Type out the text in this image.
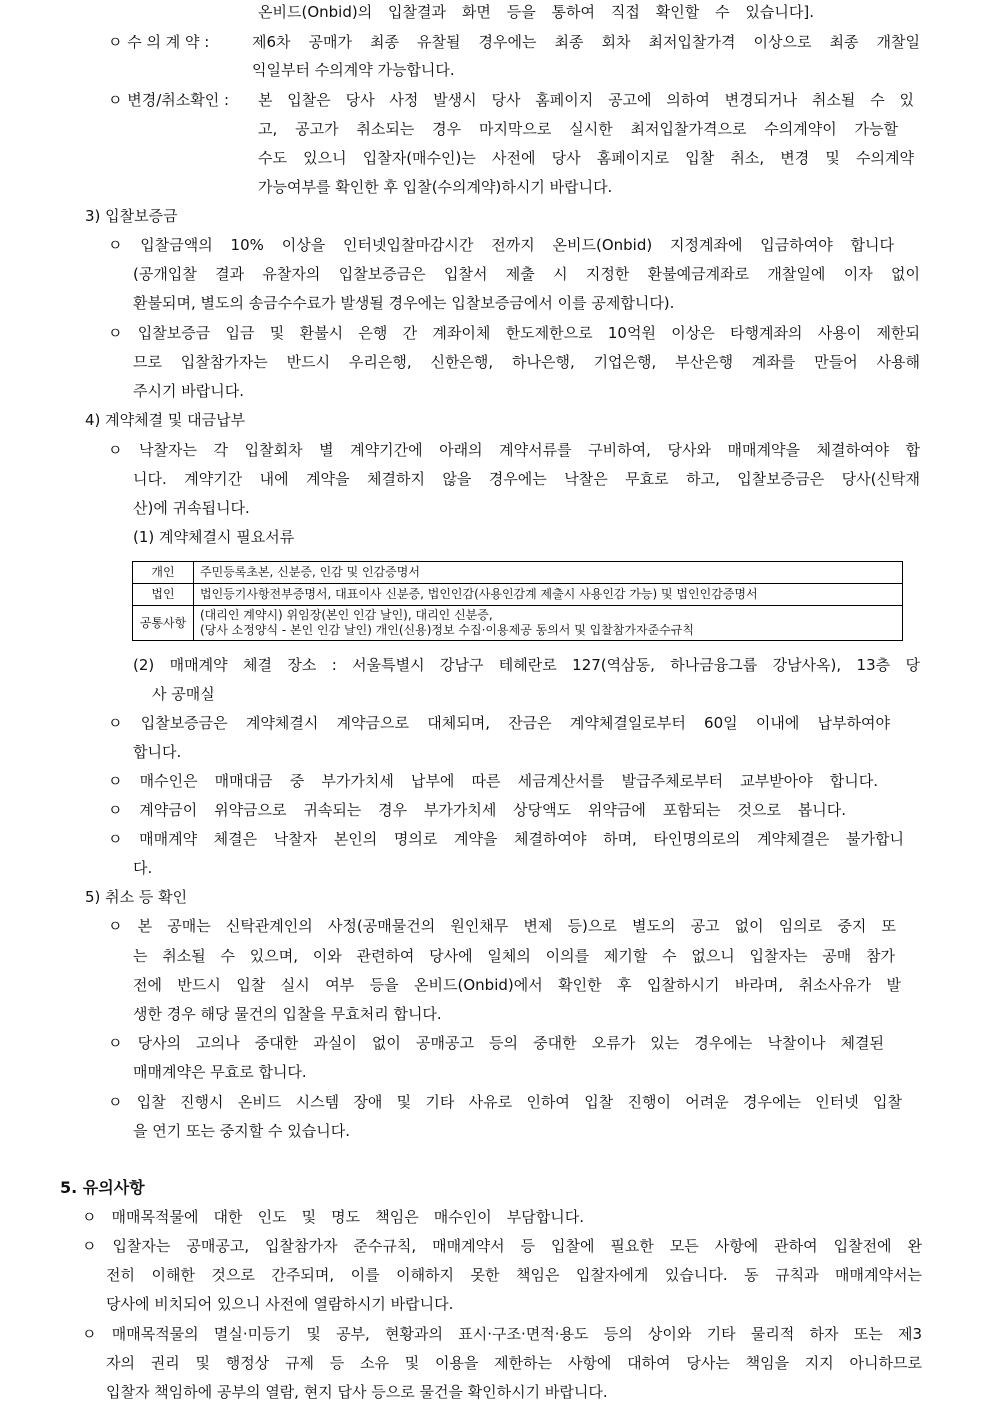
온비드(Onbid)의 입찰결과 화면 등을 통하여 직접 확인할 수 있습니다].
ㅇ 수 의 계 약 :	제6차 공매가 최종 유찰될 경우에는 최종 회차 최저입찰가격 이상으로 최종 개찰일
익일부터 수의계약 가능합니다.
ㅇ 변경/취소확인 : 본 입찰은 당사 사정 발생시 당사 홈페이지 공고에 의하여 변경되거나 취소될 수 있
고, 공고가 취소되는 경우 마지막으로 실시한 최저입찰가격으로 수의계약이 가능할
수도 있으니 입찰자(매수인)는 사전에 당사 홈페이지로 입찰 취소, 변경 및 수의계약
가능여부를 확인한 후 입찰(수의계약)하시기 바랍니다.
3) 입찰보증금
ㅇ 입찰금액의 10% 이상을 인터넷입찰마감시간 전까지 온비드(Onbid) 지정계좌에 입금하여야 합니다
(공개입찰 결과 유찰자의 입찰보증금은 입찰서 제출 시 지정한 환불예금계좌로 개찰일에 이자 없이
환불되며, 별도의 송금수수료가 발생될 경우에는 입찰보증금에서 이를 공제합니다).
ㅇ 입찰보증금 입금 및 환불시 은행 간 계좌이체 한도제한으로 10억원 이상은 타행계좌의 사용이 제한되
므로 입찰참가자는 반드시 우리은행, 신한은행, 하나은행, 기업은행, 부산은행 계좌를 만들어 사용해
주시기 바랍니다.
4) 계약체결 및 대금납부
ㅇ 낙찰자는 각 입찰회차 별 계약기간에 아래의 계약서류를 구비하여, 당사와 매매계약을 체결하여야 합
니다. 계약기간 내에 계약을 체결하지 않을 경우에는 낙찰은 무효로 하고, 입찰보증금은 당사(신탁재
산)에 귀속됩니다.
(1) 계약체결시 필요서류
개인	주민등록초본, 신분증, 인감 및 인감증명서
법인	법인등기사항전부증명서, 대표이사 신분증, 법인인감(사용인감계 제출시 사용인감 가능) 및 법인인감증명서
공통사항	(대리인 계약시) 위임장(본인 인감 날인), 대리인 신분증,
(당사 소정양식 - 본인 인감 날인) 개인(신용)정보 수집·이용제공 동의서 및 입찰참가자준수규칙
(2) 매매계약 체결 장소 : 서울특별시 강남구 테헤란로 127(역삼동, 하나금융그룹 강남사옥), 13층 당
사 공매실
ㅇ 입찰보증금은 계약체결시 계약금으로 대체되며, 잔금은 계약체결일로부터 60일 이내에 납부하여야
합니다.
ㅇ 매수인은 매매대금 중 부가가치세 납부에 따른 세금계산서를 발급주체로부터 교부받아야 합니다.
ㅇ 계약금이 위약금으로 귀속되는 경우 부가가치세 상당액도 위약금에 포함되는 것으로 봅니다.
ㅇ 매매계약 체결은 낙찰자 본인의 명의로 계약을 체결하여야 하며, 타인명의로의 계약체결은 불가합니
다.
5) 취소 등 확인
ㅇ 본 공매는 신탁관계인의 사정(공매물건의 원인채무 변제 등)으로 별도의 공고 없이 임의로 중지 또
는 취소될 수 있으며, 이와 관련하여 당사에 일체의 이의를 제기할 수 없으니 입찰자는 공매 참가
전에 반드시 입찰 실시 여부 등을 온비드(Onbid)에서 확인한 후 입찰하시기 바라며, 취소사유가 발
생한 경우 해당 물건의 입찰을 무효처리 합니다.
ㅇ 당사의 고의나 중대한 과실이 없이 공매공고 등의 중대한 오류가 있는 경우에는 낙찰이나 체결된
매매계약은 무효로 합니다.
ㅇ 입찰 진행시 온비드 시스템 장애 및 기타 사유로 인하여 입찰 진행이 어려운 경우에는 인터넷 입찰
을 연기 또는 중지할 수 있습니다.
5. 유의사항
ㅇ 매매목적물에 대한 인도 및 명도 책임은 매수인이 부담합니다.
ㅇ 입찰자는 공매공고, 입찰참가자 준수규칙, 매매계약서 등 입찰에 필요한 모든 사항에 관하여 입찰전에 완
전히 이해한 것으로 간주되며, 이를 이해하지 못한 책임은 입찰자에게 있습니다. 동 규칙과 매매계약서는
당사에 비치되어 있으니 사전에 열람하시기 바랍니다.
ㅇ 매매목적물의 멸실·미등기 및 공부, 현황과의 표시·구조·면적·용도 등의 상이와 기타 물리적 하자 또는 제3
자의 권리 및 행정상 규제 등 소유 및 이용을 제한하는 사항에 대하여 당사는 책임을 지지 아니하므로
입찰자 책임하에 공부의 열람, 현지 답사 등으로 물건을 확인하시기 바랍니다.
